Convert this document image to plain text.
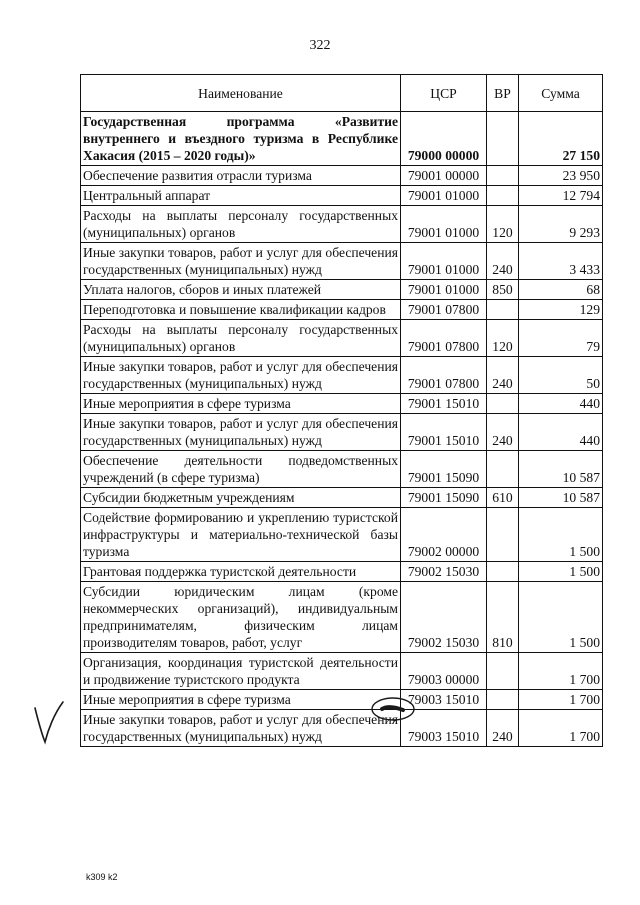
322
Наименование	ЦСР	ВР	Сумма
Государственная программа «Развитие внутреннего и въездного туризма в Республике Хакасия (2015 – 2020 годы)»	79000 00000		27 150
Обеспечение развития отрасли туризма	79001 00000		23 950
Центральный аппарат	79001 01000		12 794
Расходы на выплаты персоналу государственных (муниципальных) органов	79001 01000	120	9 293
Иные закупки товаров, работ и услуг для обеспечения государственных (муниципальных) нужд	79001 01000	240	3 433
Уплата налогов, сборов и иных платежей	79001 01000	850	68
Переподготовка и повышение квалификации кадров	79001 07800		129
Расходы на выплаты персоналу государственных (муниципальных) органов	79001 07800	120	79
Иные закупки товаров, работ и услуг для обеспечения государственных (муниципальных) нужд	79001 07800	240	50
Иные мероприятия в сфере туризма	79001 15010		440
Иные закупки товаров, работ и услуг для обеспечения государственных (муниципальных) нужд	79001 15010	240	440
Обеспечение деятельности подведомственных учреждений (в сфере туризма)	79001 15090		10 587
Субсидии бюджетным учреждениям	79001 15090	610	10 587
Содействие формированию и укреплению туристской инфраструктуры и материально-технической базы туризма	79002 00000		1 500
Грантовая поддержка туристской деятельности	79002 15030		1 500
Субсидии юридическим лицам (кроме некоммерческих организаций), индивидуальным предпринимателям, физическим лицам производителям товаров, работ, услуг	79002 15030	810	1 500
Организация, координация туристской деятельности и продвижение туристского продукта	79003 00000		1 700
Иные мероприятия в сфере туризма	79003 15010		1 700
Иные закупки товаров, работ и услуг для обеспечения государственных (муниципальных) нужд	79003 15010	240	1 700
k309 k2
